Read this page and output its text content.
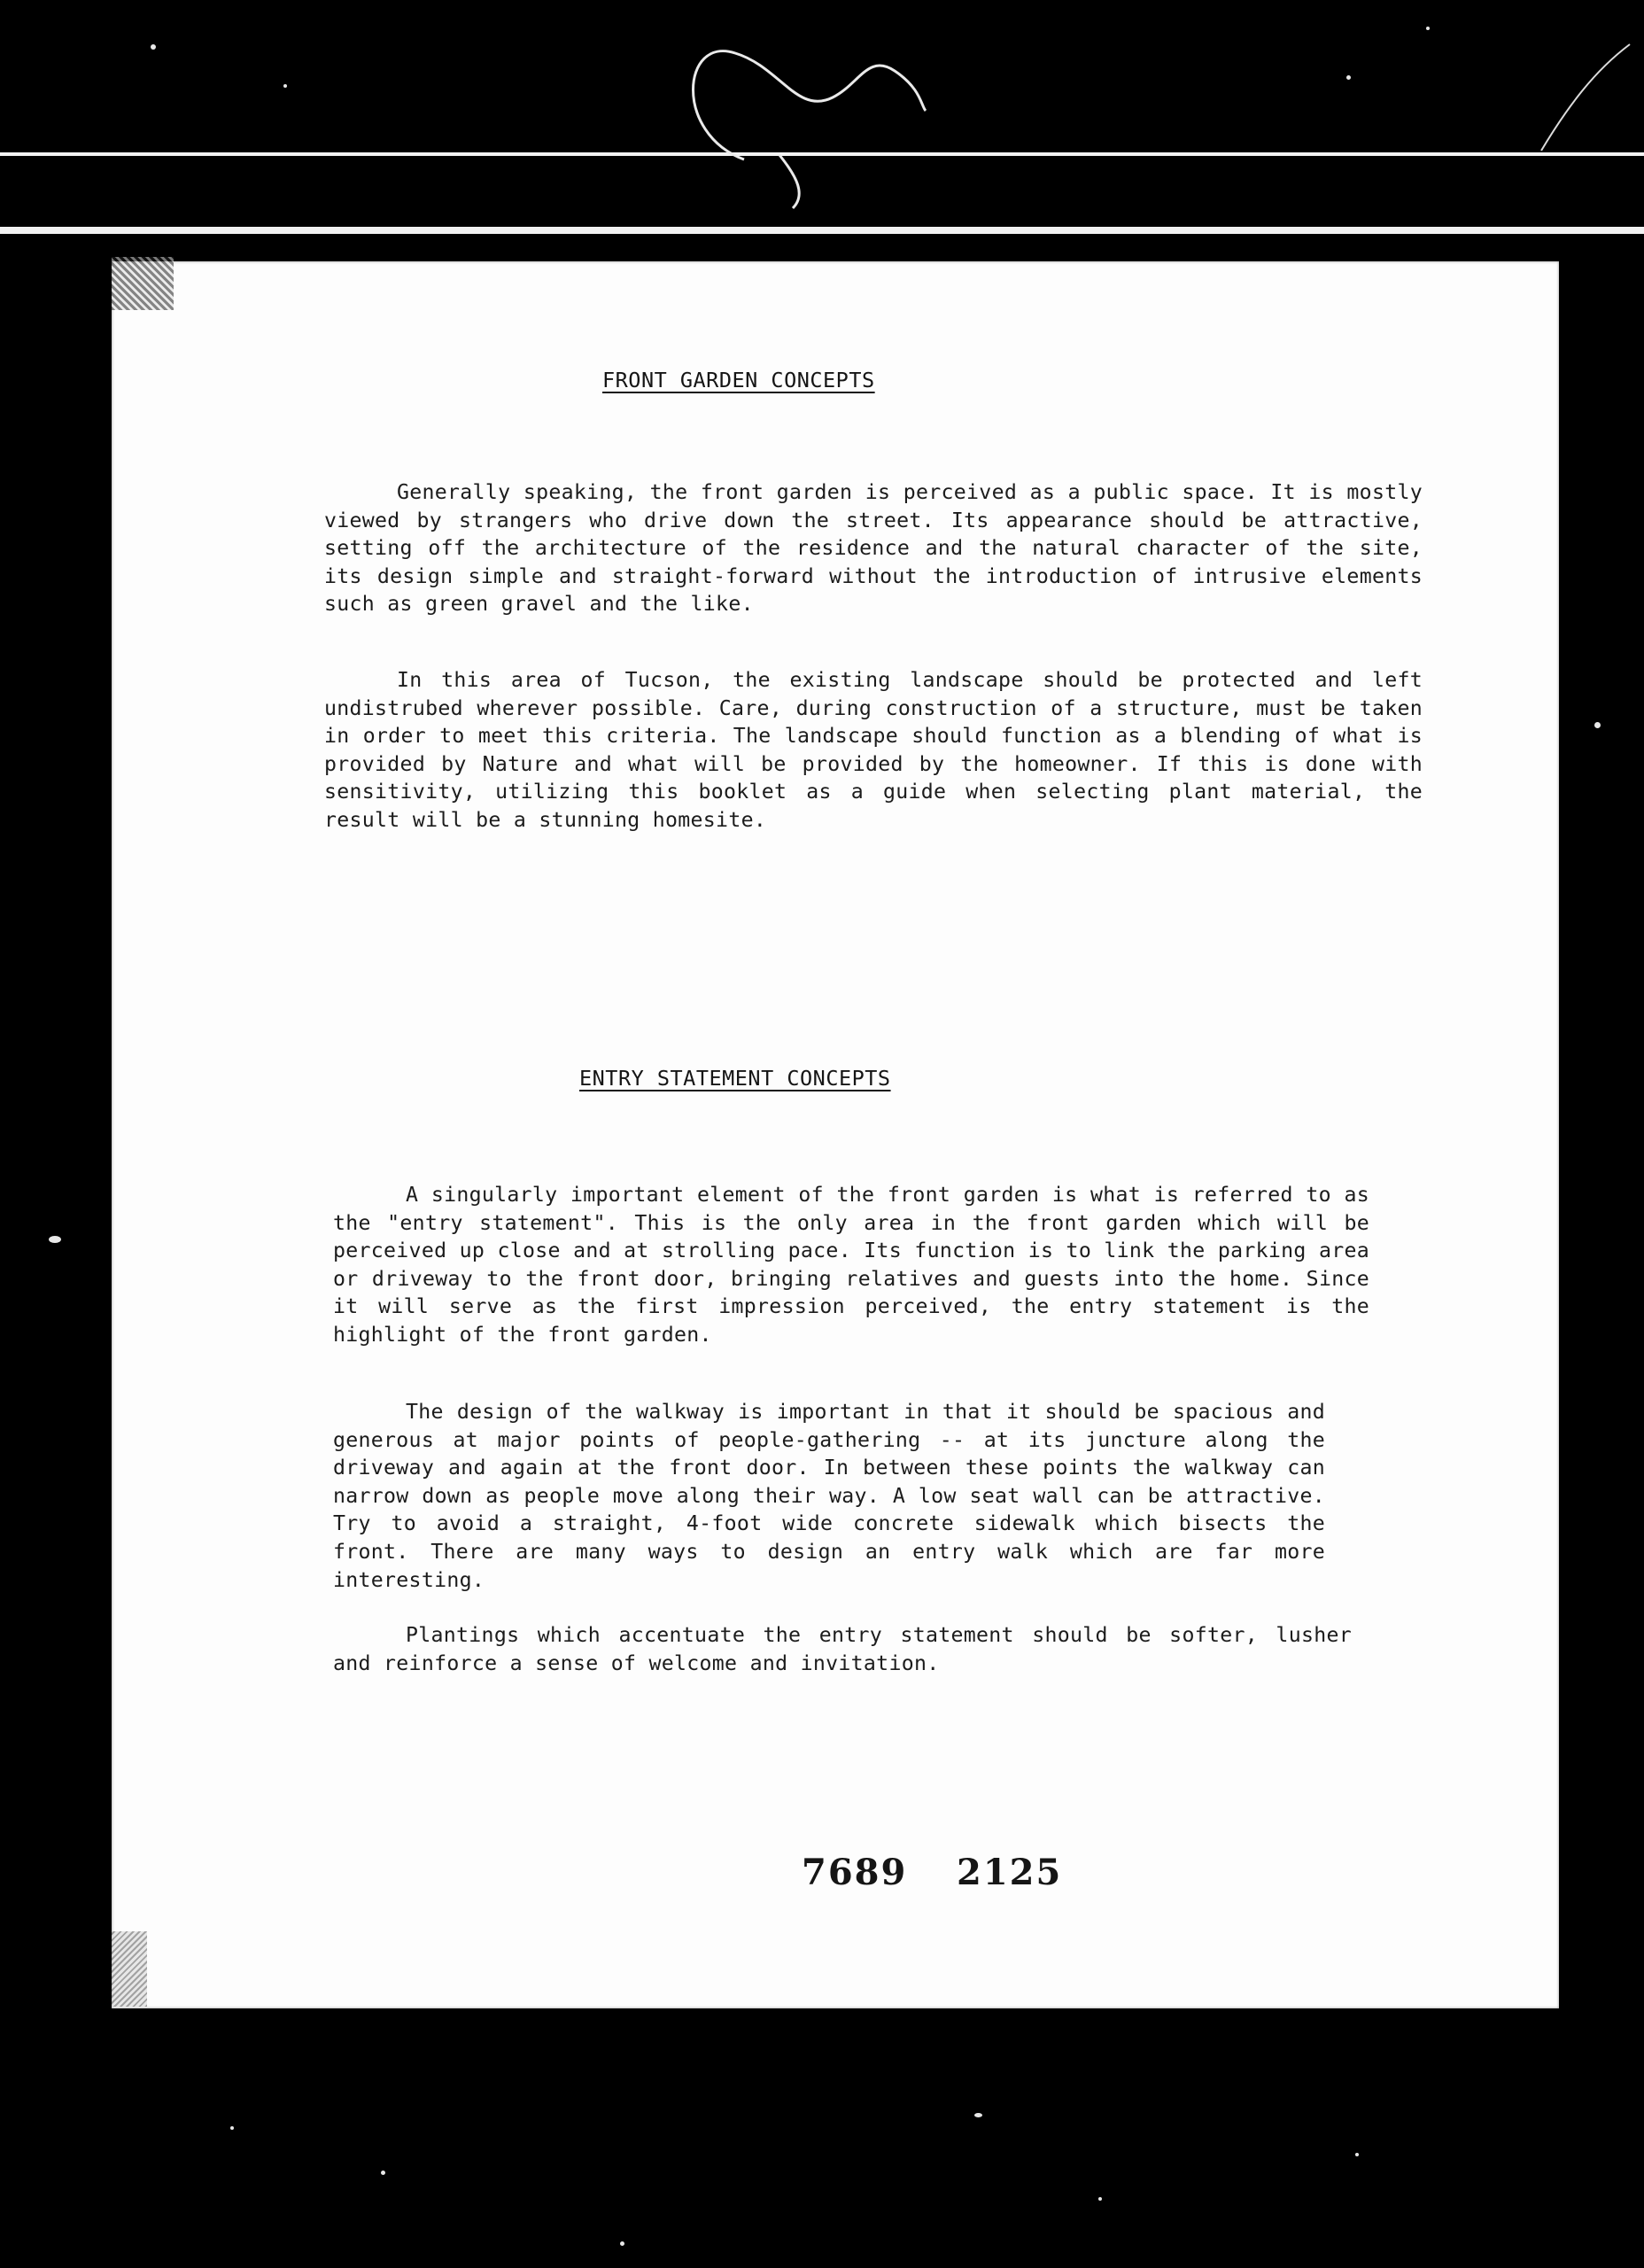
FRONT GARDEN CONCEPTS

Generally speaking, the front garden is perceived as a public space. It is mostly viewed by strangers who drive down the street. Its appearance should be attractive, setting off the architecture of the residence and the natural character of the site, its design simple and straight-forward without the introduction of intrusive elements such as green gravel and the like.

In this area of Tucson, the existing landscape should be protected and left undistrubed wherever possible. Care, during construction of a structure, must be taken in order to meet this criteria. The landscape should function as a blending of what is provided by Nature and what will be provided by the homeowner. If this is done with sensitivity, utilizing this booklet as a guide when selecting plant material, the result will be a stunning homesite.

ENTRY STATEMENT CONCEPTS

A singularly important element of the front garden is what is referred to as the "entry statement". This is the only area in the front garden which will be perceived up close and at strolling pace. Its function is to link the parking area or driveway to the front door, bringing relatives and guests into the home. Since it will serve as the first impression perceived, the entry statement is the highlight of the front garden.

The design of the walkway is important in that it should be spacious and generous at major points of people-gathering -- at its juncture along the driveway and again at the front door. In between these points the walkway can narrow down as people move along their way. A low seat wall can be attractive. Try to avoid a straight, 4-foot wide concrete sidewalk which bisects the front. There are many ways to design an entry walk which are far more interesting.

Plantings which accentuate the entry statement should be softer, lusher and reinforce a sense of welcome and invitation.

7689 2125
